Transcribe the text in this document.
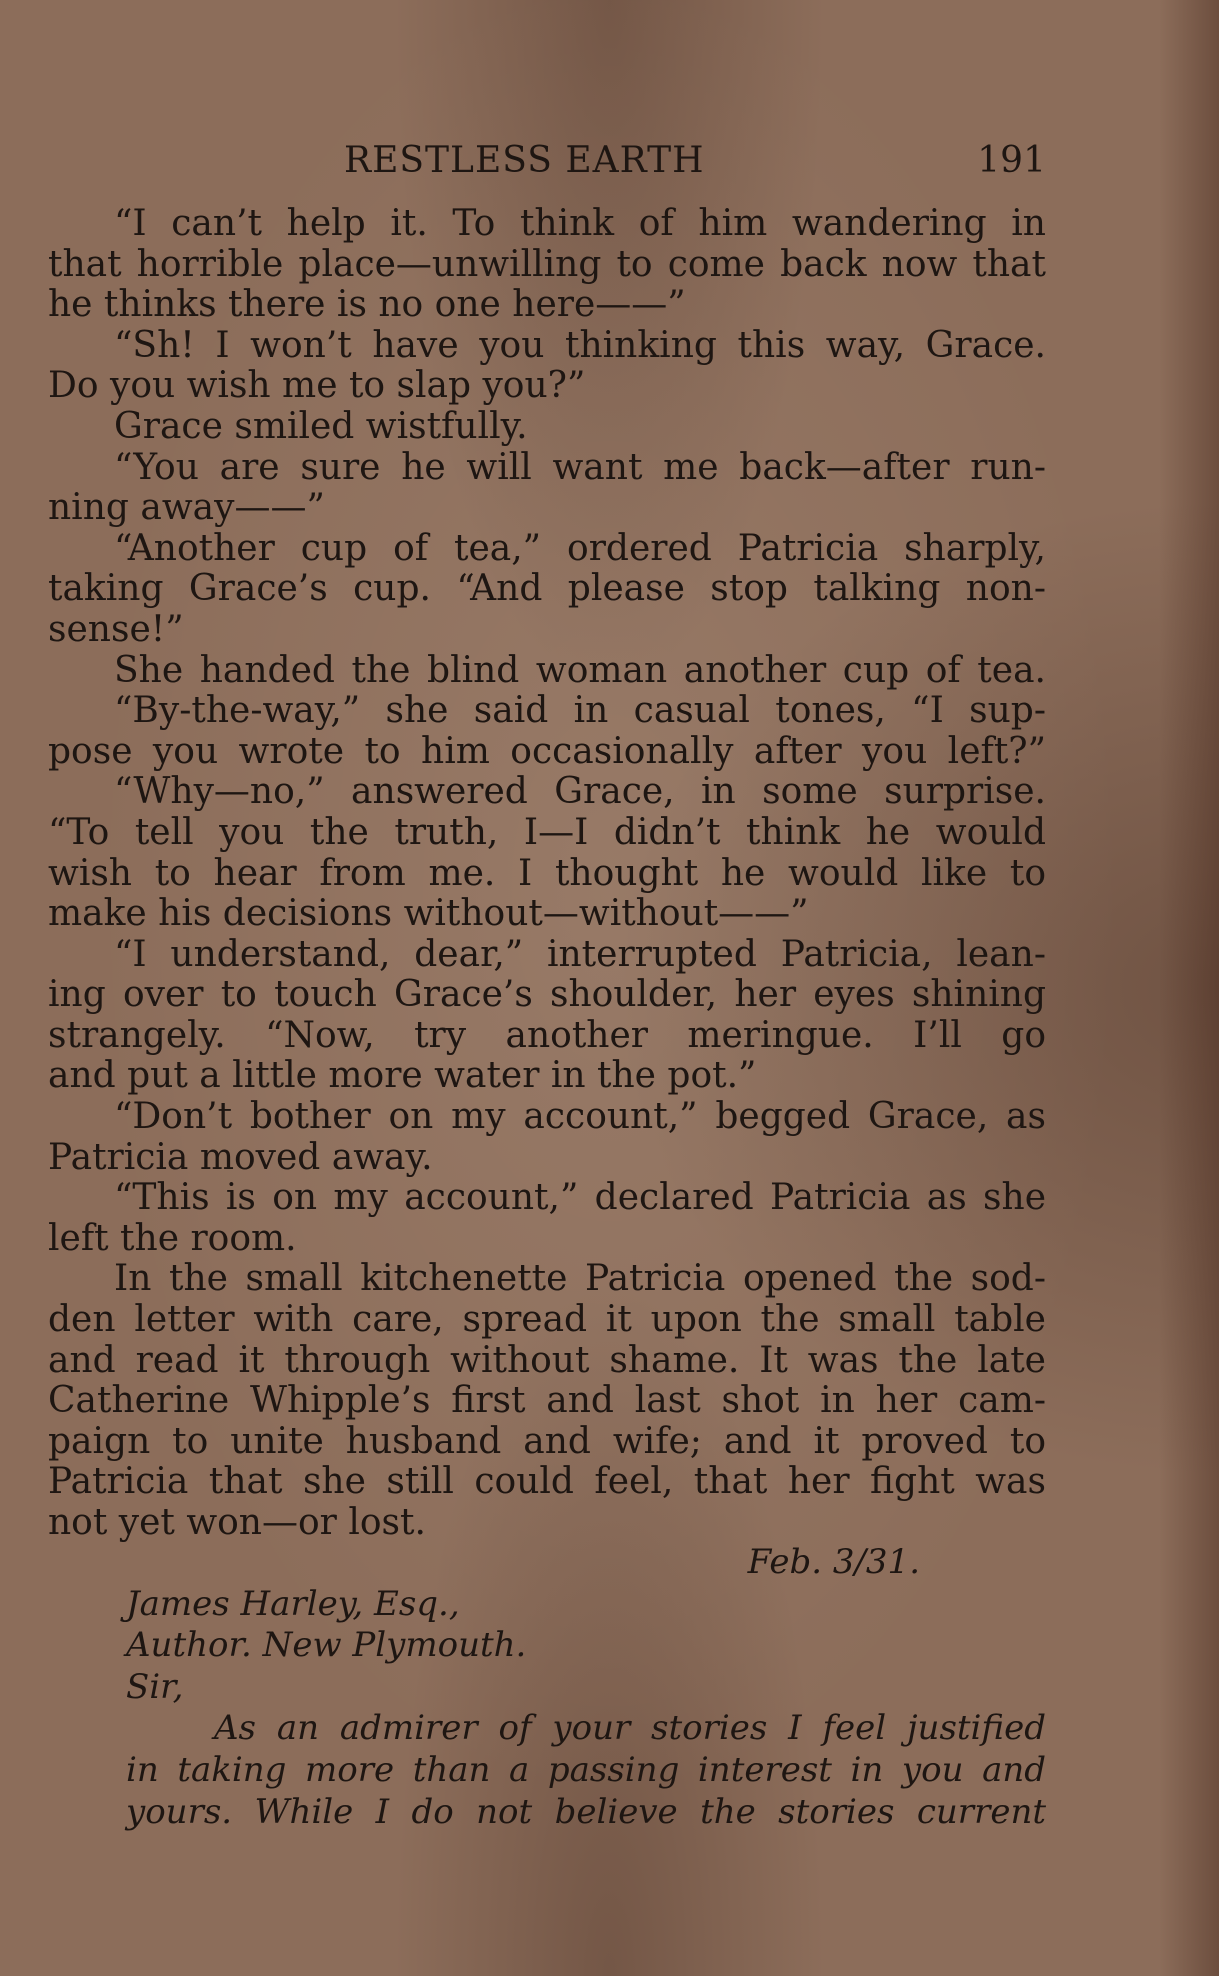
RESTLESS EARTH	191
“I can’t help it. To think of him wandering in
that horrible place—unwilling to come back now that
he thinks there is no one here——”
“Sh! I won’t have you thinking this way, Grace.
Do you wish me to slap you?”
Grace smiled wistfully.
“You are sure he will want me back—after run-
ning away——”
“Another cup of tea,” ordered Patricia sharply,
taking Grace’s cup. “And please stop talking non-
sense!”
She handed the blind woman another cup of tea.
“By-the-way,” she said in casual tones, “I sup-
pose you wrote to him occasionally after you left?”
“Why—no,” answered Grace, in some surprise.
“To tell you the truth, I—I didn’t think he would
wish to hear from me. I thought he would like to
make his decisions without—without——”
“I understand, dear,” interrupted Patricia, lean-
ing over to touch Grace’s shoulder, her eyes shining
strangely. “Now, try another meringue. I’ll go
and put a little more water in the pot.”
“Don’t bother on my account,” begged Grace, as
Patricia moved away.
“This is on my account,” declared Patricia as she
left the room.
In the small kitchenette Patricia opened the sod-
den letter with care, spread it upon the small table
and read it through without shame. It was the late
Catherine Whipple’s first and last shot in her cam-
paign to unite husband and wife; and it proved to
Patricia that she still could feel, that her fight was
not yet won—or lost.
Feb. 3/31.
James Harley, Esq.,
Author. New Plymouth.
Sir,
As an admirer of your stories I feel justified
in taking more than a passing interest in you and
yours. While I do not believe the stories current
